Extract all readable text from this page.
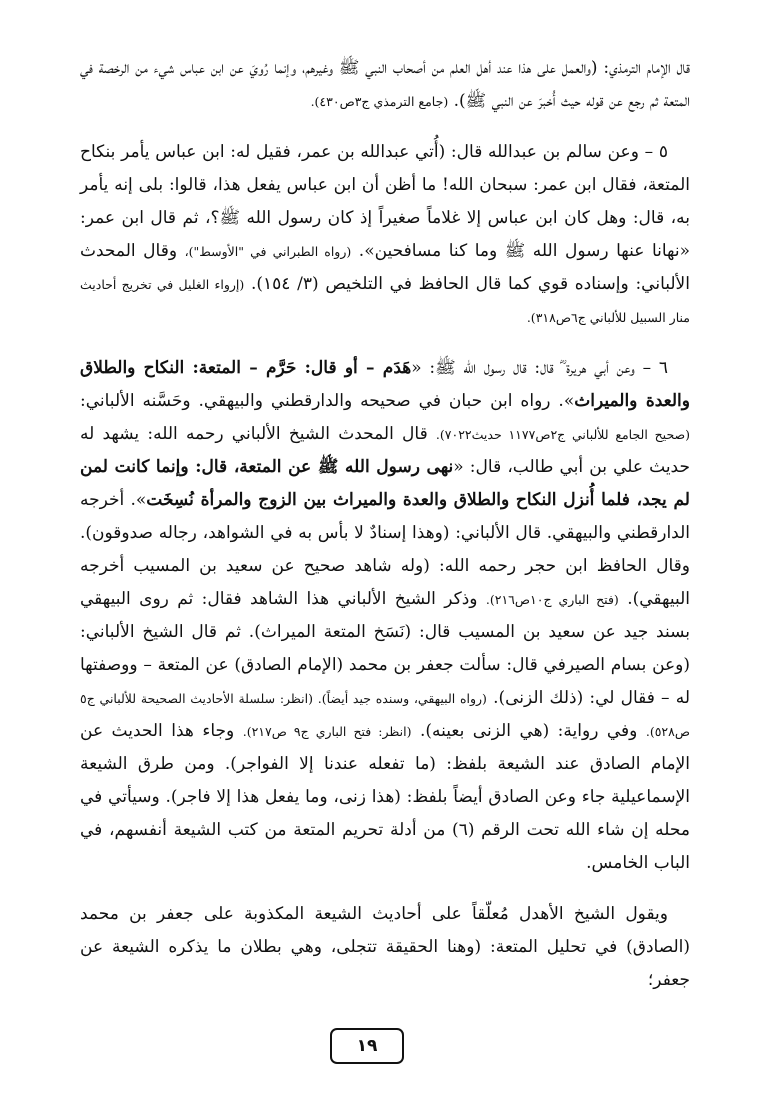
قال الإمام الترمذي: (والعمل على هذا عند أهل العلم من أصحاب النبي ﷺ وغيرهم، وإنما رُويَ عن ابن عباس شيء من الرخصة في المتعة ثم رجع عن قوله حيث أُخبرَ عن النبي ﷺ). (جامع الترمذي ج٣ص٤٣٠).

٥ – وعن سالم بن عبدالله قال: (أُتي عبدالله بن عمر، فقيل له: ابن عباس يأمر بنكاح المتعة، فقال ابن عمر: سبحان الله! ما أظن أن ابن عباس يفعل هذا، قالوا: بلى إنه يأمر به، قال: وهل كان ابن عباس إلا غلاماً صغيراً إذ كان رسول الله ﷺ؟، ثم قال ابن عمر: «نهانا عنها رسول الله ﷺ وما كنا مسافحين». (رواه الطبراني في "الأوسط")، وقال المحدث الألباني: وإسناده قوي كما قال الحافظ في التلخيص (٣/ ١٥٤). (إرواء الغليل في تخريج أحاديث منار السبيل للألباني ج٦ص٣١٨).

٦ – وعن أبي هريرة ؓ قال: قال رسول الله ﷺ: «هَدَم – أو قال: حَرَّم – المتعة: النكاح والطلاق والعدة والميراث». رواه ابن حبان في صحيحه والدارقطني والبيهقي. وحَسَّنه الألباني: (صحيح الجامع للألباني ج٢ص١١٧٧ حديث٧٠٢٢). قال المحدث الشيخ الألباني رحمه الله: يشهد له حديث علي بن أبي طالب، قال: «نهى رسول الله ﷺ عن المتعة، قال: وإنما كانت لمن لم يجد، فلما أُنزل النكاح والطلاق والعدة والميراث بين الزوج والمرأة نُسِخَت». أخرجه الدارقطني والبيهقي. قال الألباني: (وهذا إسنادٌ لا بأس به في الشواهد، رجاله صدوقون). وقال الحافظ ابن حجر رحمه الله: (وله شاهد صحيح عن سعيد بن المسيب أخرجه البيهقي). (فتح الباري ج١٠ص٢١٦). وذكر الشيخ الألباني هذا الشاهد فقال: ثم روى البيهقي بسند جيد عن سعيد بن المسيب قال: (نَسَخ المتعة الميراث). ثم قال الشيخ الألباني: (وعن بسام الصيرفي قال: سألت جعفر بن محمد (الإمام الصادق) عن المتعة – ووصفتها له – فقال لي: (ذلك الزنى). (رواه البيهقي، وسنده جيد أيضاً). (انظر: سلسلة الأحاديث الصحيحة للألباني ج٥ ص٥٢٨). وفي رواية: (هي الزنى بعينه). (انظر: فتح الباري ج٩ ص٢١٧). وجاء هذا الحديث عن الإمام الصادق عند الشيعة بلفظ: (ما تفعله عندنا إلا الفواجر). ومن طرق الشيعة الإسماعيلية جاء وعن الصادق أيضاً بلفظ: (هذا زنى، وما يفعل هذا إلا فاجر). وسيأتي في محله إن شاء الله تحت الرقم (٦) من أدلة تحريم المتعة من كتب الشيعة أنفسهم، في الباب الخامس.

ويقول الشيخ الأهدل مُعلّقاً على أحاديث الشيعة المكذوبة على جعفر بن محمد (الصادق) في تحليل المتعة: (وهنا الحقيقة تتجلى، وهي بطلان ما يذكره الشيعة عن جعفر؛

١٩
